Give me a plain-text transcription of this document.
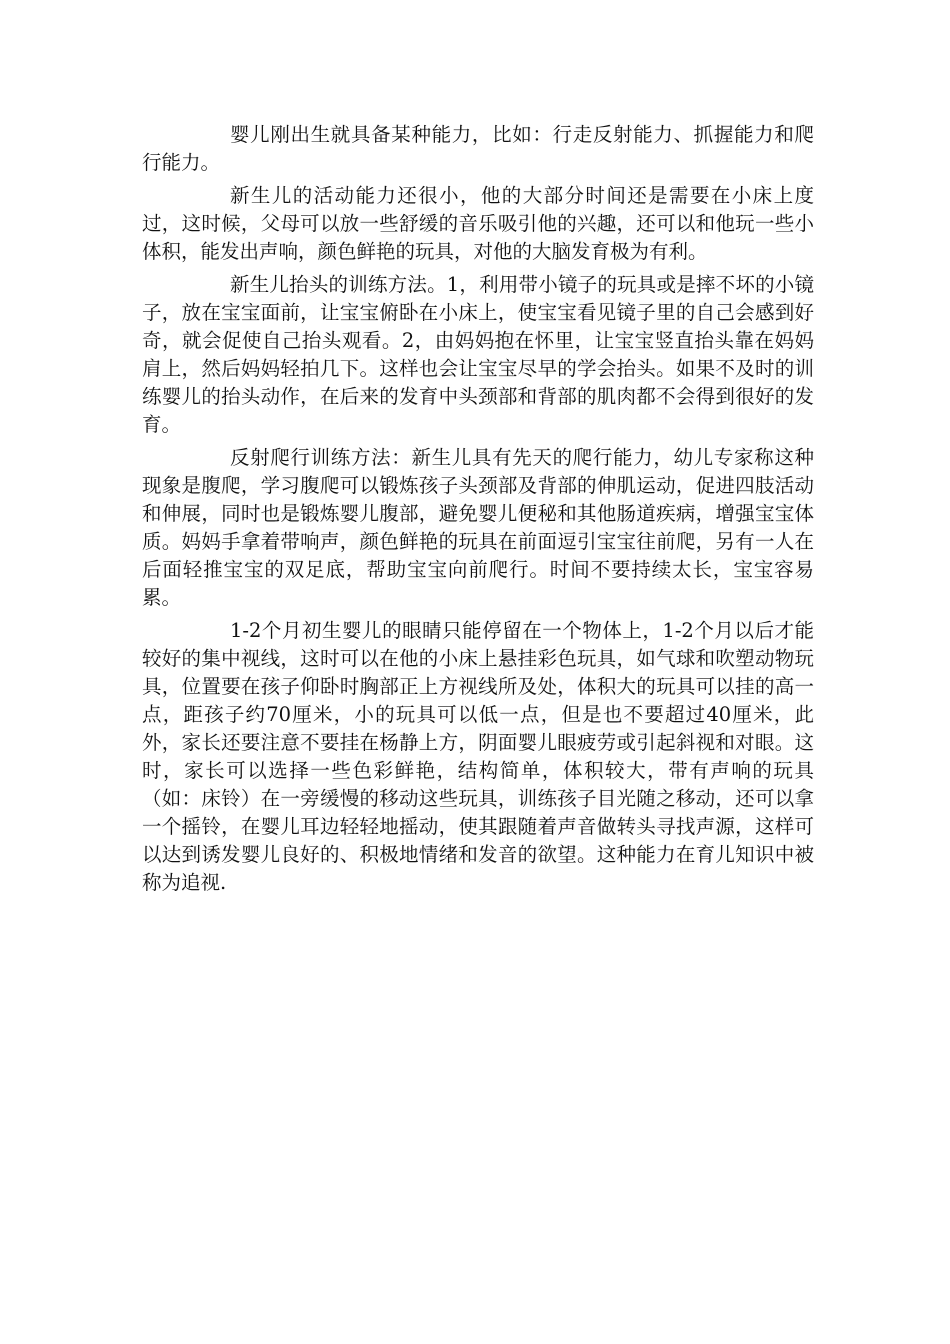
婴儿刚出生就具备某种能力，比如：行走反射能力、抓握能力和爬行能力。

新生儿的活动能力还很小，他的大部分时间还是需要在小床上度过，这时候，父母可以放一些舒缓的音乐吸引他的兴趣，还可以和他玩一些小体积，能发出声响，颜色鲜艳的玩具，对他的大脑发育极为有利。

新生儿抬头的训练方法。1，利用带小镜子的玩具或是摔不坏的小镜子，放在宝宝面前，让宝宝俯卧在小床上，使宝宝看见镜子里的自己会感到好奇，就会促使自己抬头观看。2，由妈妈抱在怀里，让宝宝竖直抬头靠在妈妈肩上，然后妈妈轻拍几下。这样也会让宝宝尽早的学会抬头。如果不及时的训练婴儿的抬头动作，在后来的发育中头颈部和背部的肌肉都不会得到很好的发育。

反射爬行训练方法：新生儿具有先天的爬行能力，幼儿专家称这种现象是腹爬，学习腹爬可以锻炼孩子头颈部及背部的伸肌运动，促进四肢活动和伸展，同时也是锻炼婴儿腹部，避免婴儿便秘和其他肠道疾病，增强宝宝体质。妈妈手拿着带响声，颜色鲜艳的玩具在前面逗引宝宝往前爬，另有一人在后面轻推宝宝的双足底，帮助宝宝向前爬行。时间不要持续太长，宝宝容易累。

1-2个月初生婴儿的眼睛只能停留在一个物体上，1-2个月以后才能较好的集中视线，这时可以在他的小床上悬挂彩色玩具，如气球和吹塑动物玩具，位置要在孩子仰卧时胸部正上方视线所及处，体积大的玩具可以挂的高一点，距孩子约70厘米，小的玩具可以低一点，但是也不要超过40厘米，此外，家长还要注意不要挂在杨静上方，阴面婴儿眼疲劳或引起斜视和对眼。这时，家长可以选择一些色彩鲜艳，结构简单，体积较大，带有声响的玩具（如：床铃）在一旁缓慢的移动这些玩具，训练孩子目光随之移动，还可以拿一个摇铃，在婴儿耳边轻轻地摇动，使其跟随着声音做转头寻找声源，这样可以达到诱发婴儿良好的、积极地情绪和发音的欲望。这种能力在育儿知识中被称为追视.
